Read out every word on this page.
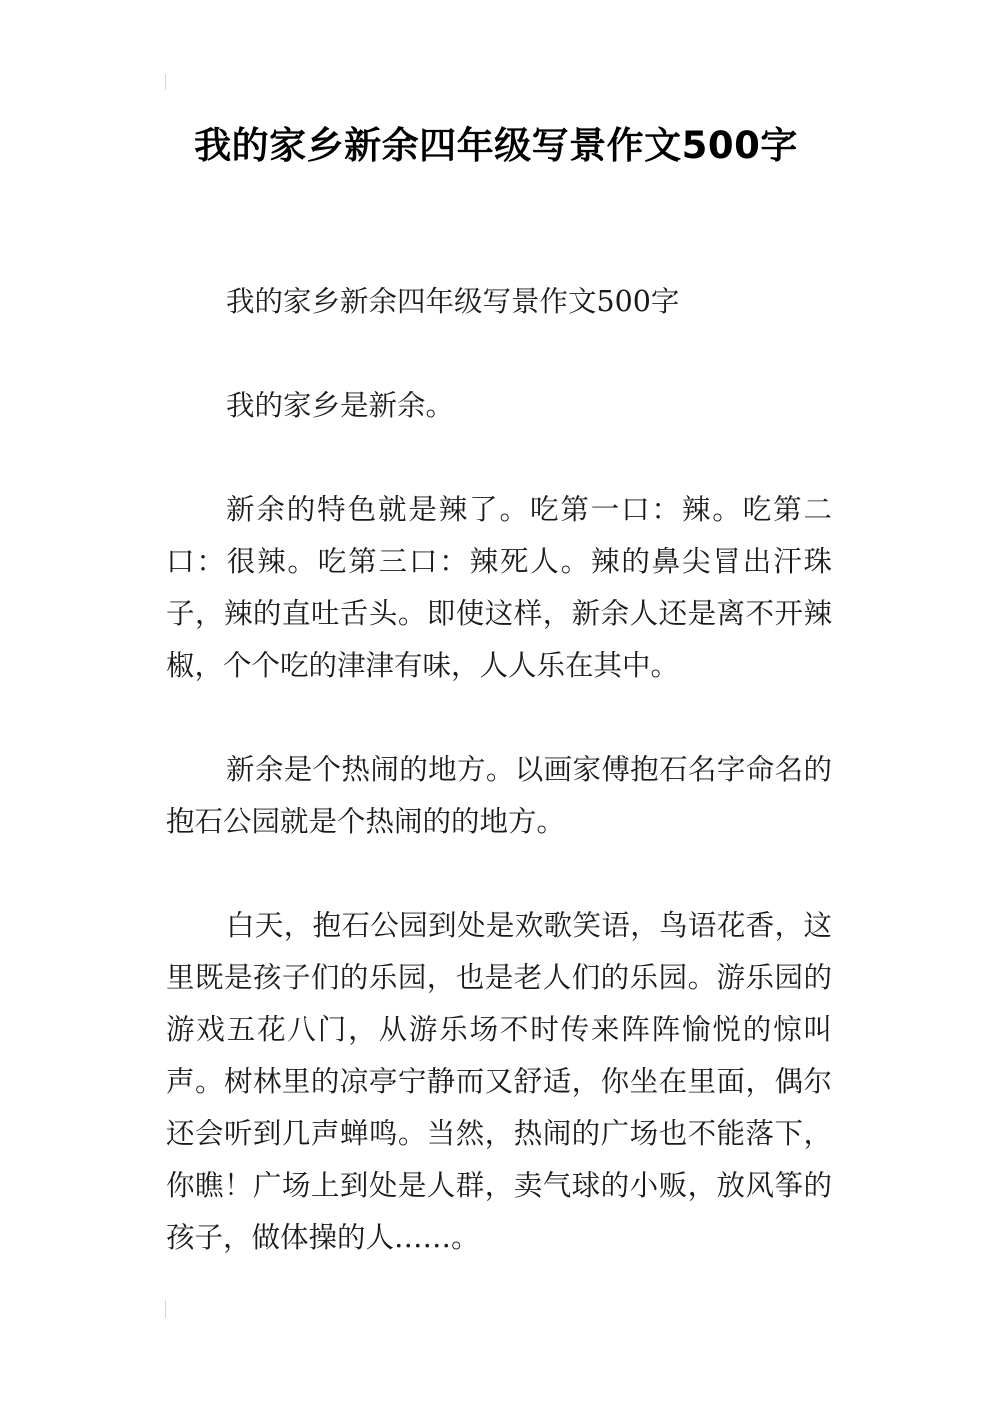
我的家乡新余四年级写景作文500字

我的家乡新余四年级写景作文500字

我的家乡是新余。

新余的特色就是辣了。吃第一口：辣。吃第二口：很辣。吃第三口：辣死人。辣的鼻尖冒出汗珠子，辣的直吐舌头。即使这样，新余人还是离不开辣椒，个个吃的津津有味，人人乐在其中。

新余是个热闹的地方。以画家傅抱石名字命名的抱石公园就是个热闹的的地方。

白天，抱石公园到处是欢歌笑语，鸟语花香，这里既是孩子们的乐园，也是老人们的乐园。游乐园的游戏五花八门，从游乐场不时传来阵阵愉悦的惊叫声。树林里的凉亭宁静而又舒适，你坐在里面，偶尔还会听到几声蝉鸣。当然，热闹的广场也不能落下，你瞧！广场上到处是人群，卖气球的小贩，放风筝的孩子，做体操的人……。
